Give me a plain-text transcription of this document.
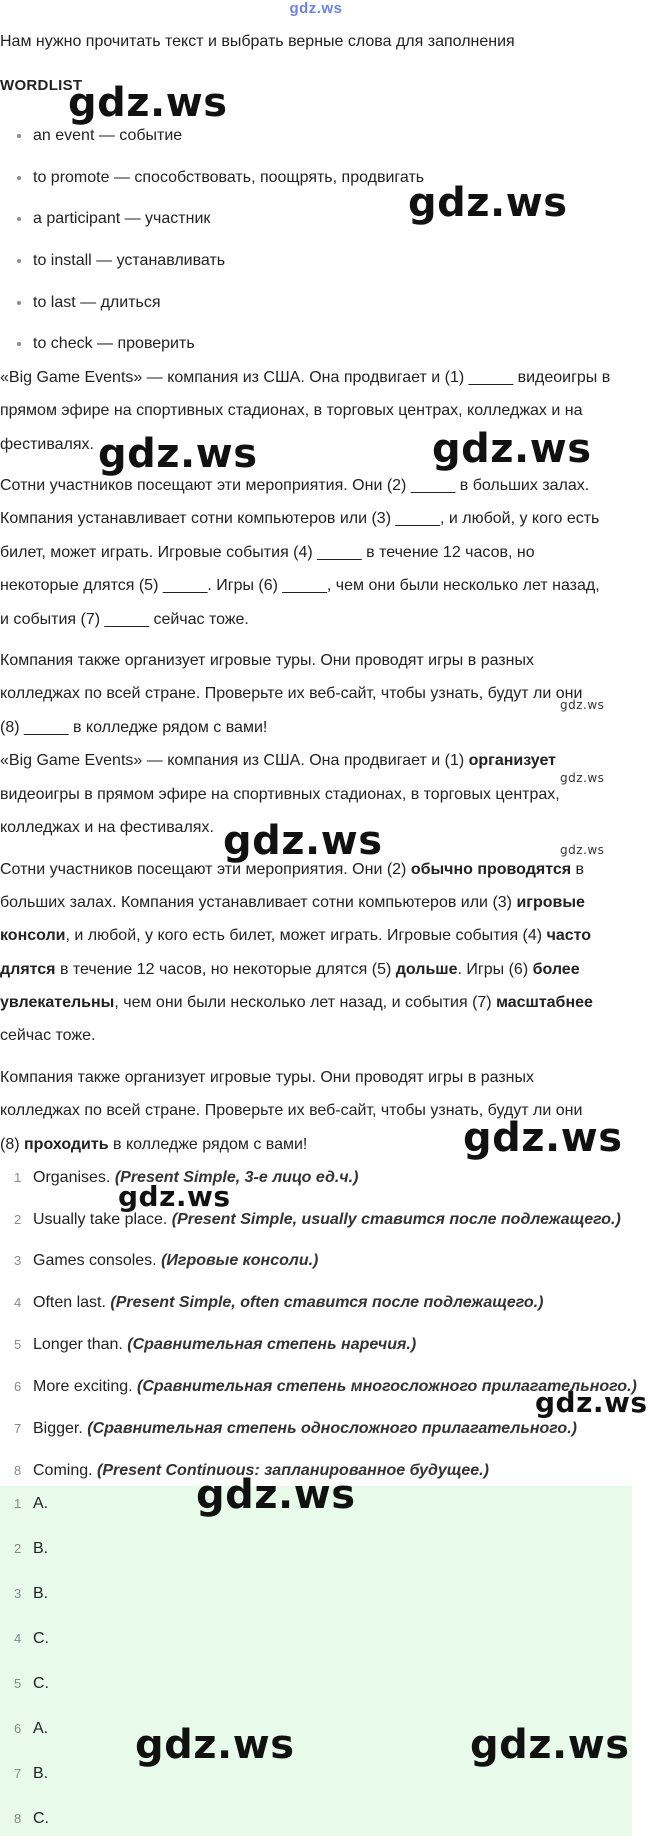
gdz.ws
Нам нужно прочитать текст и выбрать верные слова для заполнения
WORDLIST
an event — событие
to promote — способствовать, поощрять, продвигать
a participant — участник
to install — устанавливать
to last — длиться
to check — проверить
«Big Game Events» — компания из США. Она продвигает и (1) _____ видеоигры в
прямом эфире на спортивных стадионах, в торговых центрах, колледжах и на
фестивалях.
Сотни участников посещают эти мероприятия. Они (2) _____ в больших залах.
Компания устанавливает сотни компьютеров или (3) _____, и любой, у кого есть
билет, может играть. Игровые события (4) _____ в течение 12 часов, но
некоторые длятся (5) _____. Игры (6) _____, чем они были несколько лет назад,
и события (7) _____ сейчас тоже.
Компания также организует игровые туры. Они проводят игры в разных
колледжах по всей стране. Проверьте их веб-сайт, чтобы узнать, будут ли они
(8) _____ в колледже рядом с вами!
«Big Game Events» — компания из США. Она продвигает и (1) организует
видеоигры в прямом эфире на спортивных стадионах, в торговых центрах,
колледжах и на фестивалях.
Сотни участников посещают эти мероприятия. Они (2) обычно проводятся в
больших залах. Компания устанавливает сотни компьютеров или (3) игровые
консоли, и любой, у кого есть билет, может играть. Игровые события (4) часто
длятся в течение 12 часов, но некоторые длятся (5) дольше. Игры (6) более
увлекательны, чем они были несколько лет назад, и события (7) масштабнее
сейчас тоже.
Компания также организует игровые туры. Они проводят игры в разных
колледжах по всей стране. Проверьте их веб-сайт, чтобы узнать, будут ли они
(8) проходить в колледже рядом с вами!
1 Organises. (Present Simple, 3-е лицо ед.ч.)
2 Usually take place. (Present Simple, usually ставится после подлежащего.)
3 Games consoles. (Игровые консоли.)
4 Often last. (Present Simple, often ставится после подлежащего.)
5 Longer than. (Сравнительная степень наречия.)
6 More exciting. (Сравнительная степень многосложного прилагательного.)
7 Bigger. (Сравнительная степень односложного прилагательного.)
8 Coming. (Present Continuous: запланированное будущее.)
1 A.
2 B.
3 B.
4 C.
5 C.
6 A.
7 B.
8 C.
gdz.ws
gdz.ws
gdz.ws	gdz.ws
gdz.ws
gdz.ws
gdz.ws	gdz.ws
gdz.ws
gdz.ws
gdz.ws
gdz.ws
gdz.ws	gdz.ws
